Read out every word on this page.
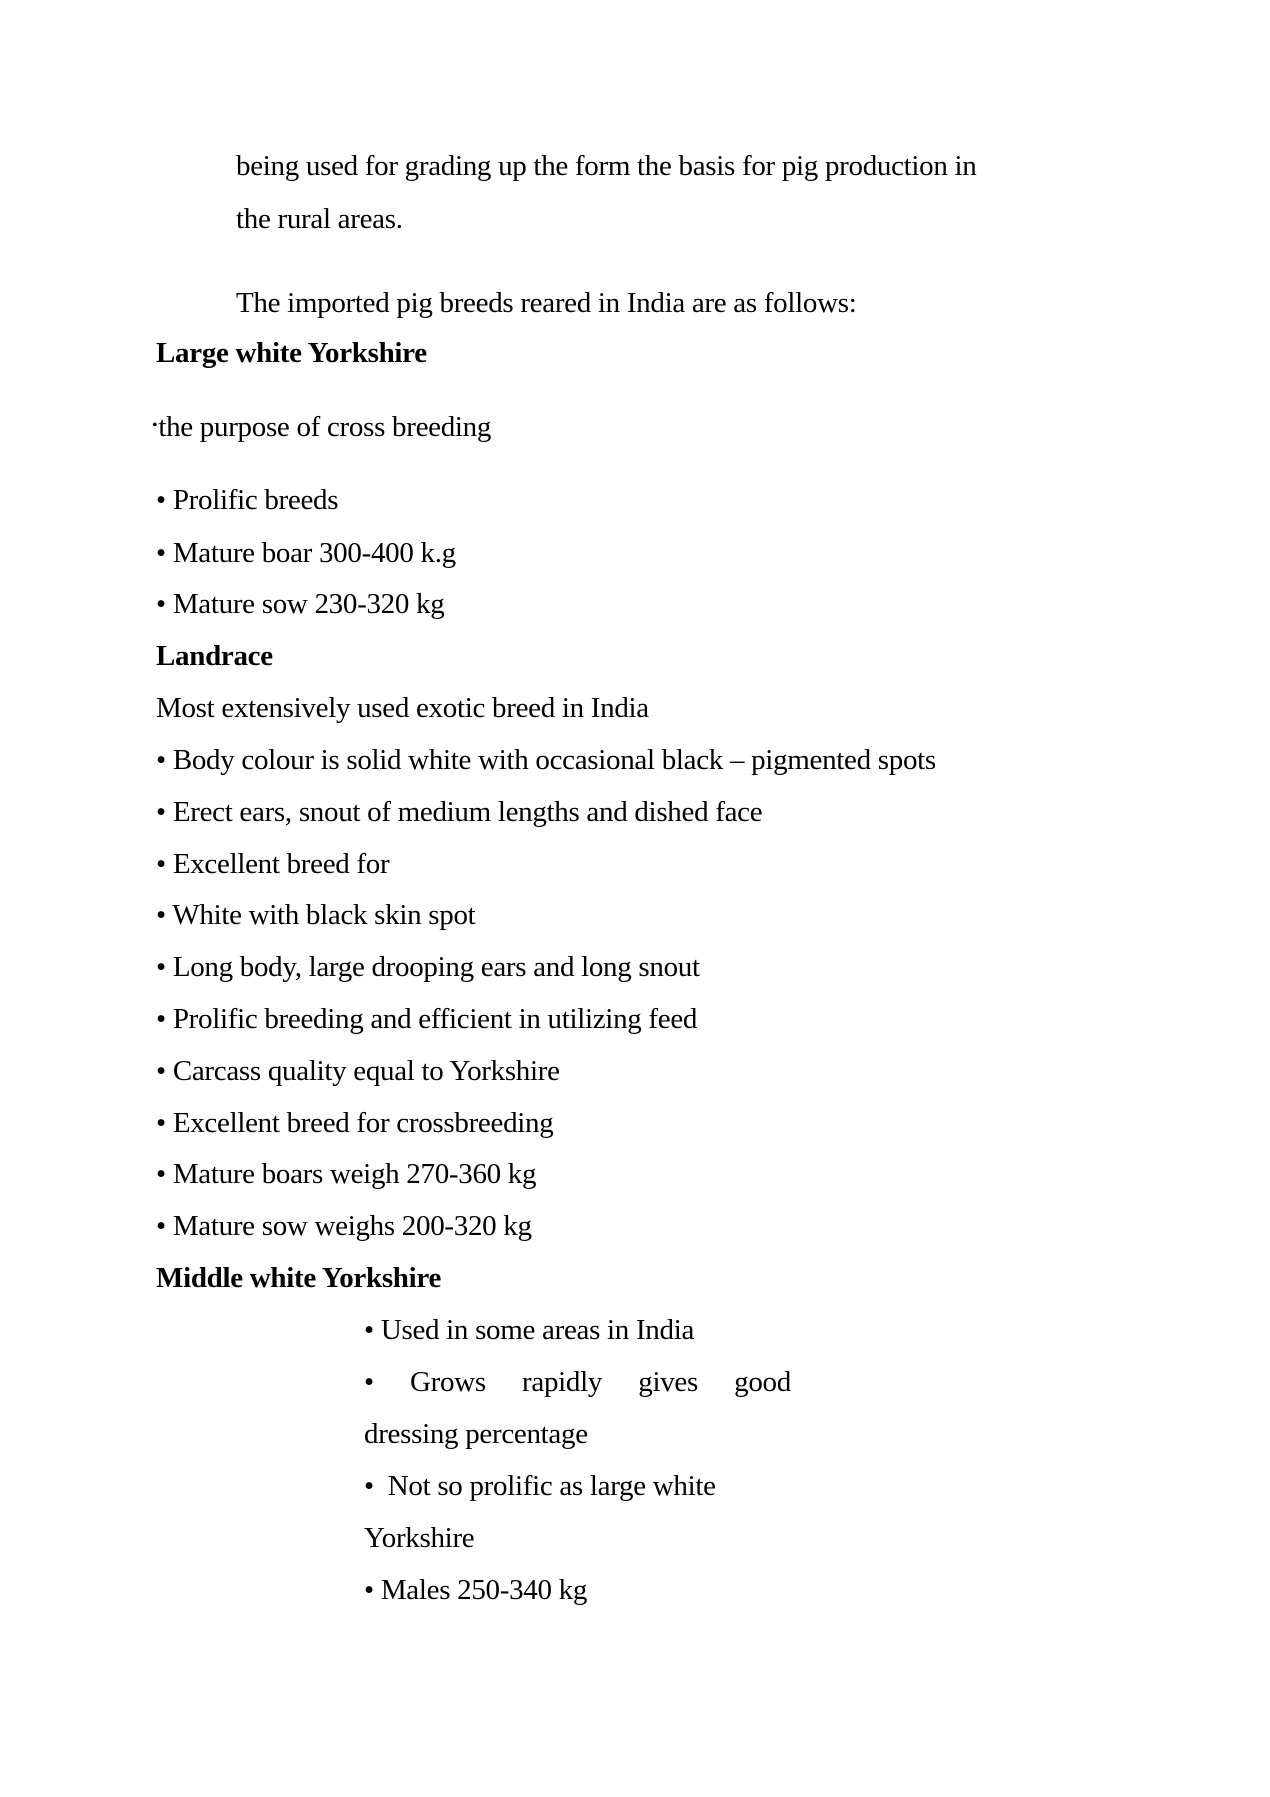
being used for grading up the form the basis for pig production in
the rural areas.
The imported pig breeds reared in India are as follows:
Large white Yorkshire
•the purpose of cross breeding
• Prolific breeds
• Mature boar 300-400 k.g
• Mature sow 230-320 kg
Landrace
Most extensively used exotic breed in India
• Body colour is solid white with occasional black – pigmented spots
• Erect ears, snout of medium lengths and dished face
• Excellent breed for
• White with black skin spot
• Long body, large drooping ears and long snout
• Prolific breeding and efficient in utilizing feed
• Carcass quality equal to Yorkshire
• Excellent breed for crossbreeding
• Mature boars weigh 270-360 kg
• Mature sow weighs 200-320 kg
Middle white Yorkshire
• Used in some areas in India
• Grows rapidly gives good
dressing percentage
• Not so prolific as large white
Yorkshire
• Males 250-340 kg
